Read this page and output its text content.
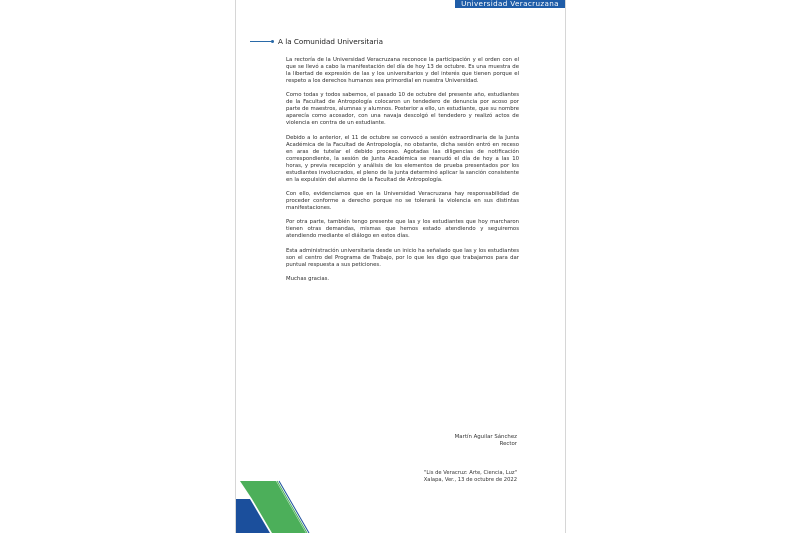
Universidad Veracruzana
A la Comunidad Universitaria

La rectoría de la Universidad Veracruzana reconoce la participación y el orden con el que se llevó a cabo la manifestación del día de hoy 13 de octubre. Es una muestra de la libertad de expresión de las y los universitarios y del interés que tienen porque el respeto a los derechos humanos sea primordial en nuestra Universidad.

Como todas y todos sabemos, el pasado 10 de octubre del presente año, estudiantes de la Facultad de Antropología colocaron un tendedero de denuncia por acoso por parte de maestros, alumnas y alumnos. Posterior a ello, un estudiante, que su nombre aparecía como acosador, con una navaja descolgó el tendedero y realizó actos de violencia en contra de un estudiante.

Debido a lo anterior, el 11 de octubre se convocó a sesión extraordinaria de la Junta Académica de la Facultad de Antropología, no obstante, dicha sesión entró en receso en aras de tutelar el debido proceso. Agotadas las diligencias de notificación correspondiente, la sesión de Junta Académica se reanudó el día de hoy a las 10 horas, y previa recepción y análisis de los elementos de prueba presentados por los estudiantes involucrados, el pleno de la junta determinó aplicar la sanción consistente en la expulsión del alumno de la Facultad de Antropología.

Con ello, evidenciamos que en la Universidad Veracruzana hay responsabilidad de proceder conforme a derecho porque no se tolerará la violencia en sus distintas manifestaciones.

Por otra parte, también tengo presente que las y los estudiantes que hoy marcharon tienen otras demandas, mismas que hemos estado atendiendo y seguiremos atendiendo mediante el diálogo en estos días.

Esta administración universitaria desde un inicio ha señalado que las y los estudiantes son el centro del Programa de Trabajo, por lo que les digo que trabajamos para dar puntual respuesta a sus peticiones.

Muchas gracias.

Martín Aguilar Sánchez
Rector
"Lis de Veracruz: Arte, Ciencia, Luz"
Xalapa, Ver., 13 de octubre de 2022
